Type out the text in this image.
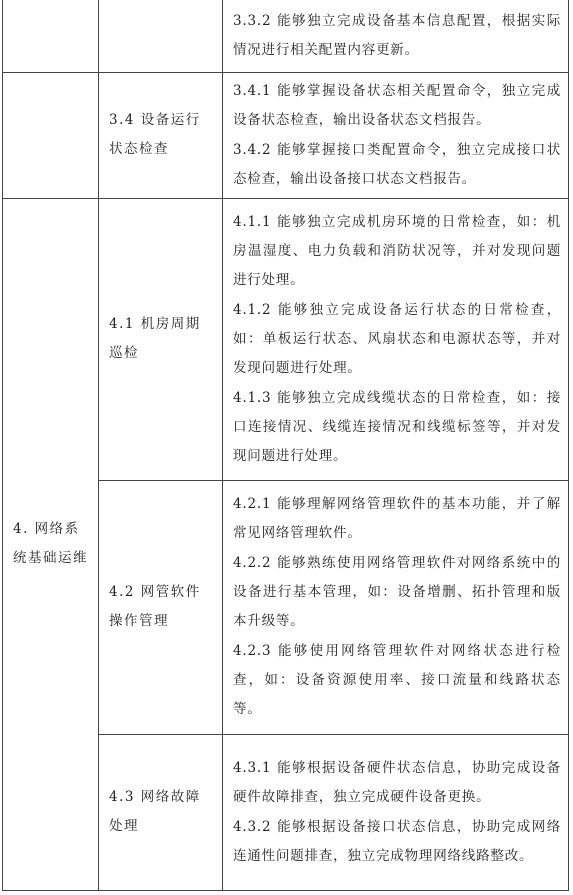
		3.3.2 能够独立完成设备基本信息配置，根据实际情况进行相关配置内容更新。

	3.4 设备运行状态检查	3.4.1 能够掌握设备状态相关配置命令，独立完成设备状态检查，输出设备状态文档报告。

3.4.2 能够掌握接口类配置命令，独立完成接口状态检查，输出设备接口状态文档报告。

4. 网络系统基础运维	4.1 机房周期巡检	4.1.1 能够独立完成机房环境的日常检查，如：机房温湿度、电力负载和消防状况等，并对发现问题进行处理。

4.1.2 能够独立完成设备运行状态的日常检查，如：单板运行状态、风扇状态和电源状态等，并对发现问题进行处理。

4.1.3 能够独立完成线缆状态的日常检查，如：接口连接情况、线缆连接情况和线缆标签等，并对发现问题进行处理。

	4.2 网管软件操作管理	4.2.1 能够理解网络管理软件的基本功能，并了解常见网络管理软件。

4.2.2 能够熟练使用网络管理软件对网络系统中的设备进行基本管理，如：设备增删、拓扑管理和版本升级等。

4.2.3 能够使用网络管理软件对网络状态进行检查，如：设备资源使用率、接口流量和线路状态等。

	4.3 网络故障处理	4.3.1 能够根据设备硬件状态信息，协助完成设备硬件故障排查，独立完成硬件设备更换。

4.3.2 能够根据设备接口状态信息，协助完成网络连通性问题排查，独立完成物理网络线路整改。
